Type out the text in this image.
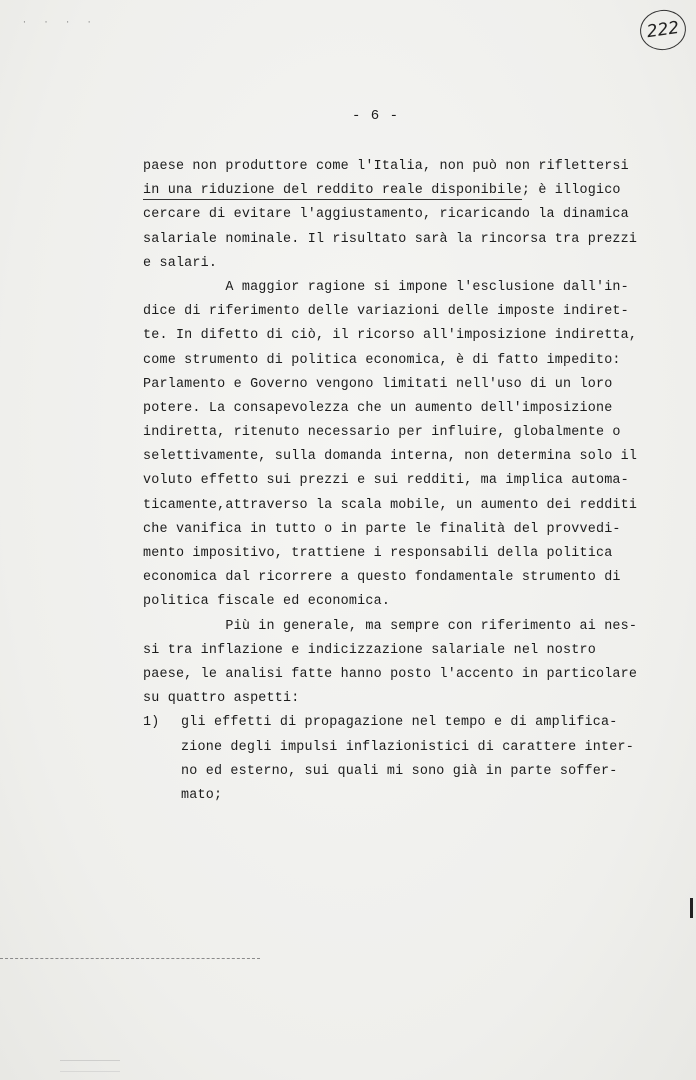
· · · ·	222
- 6 -
paese non produttore come l'Italia, non può non riflettersi
in una riduzione del reddito reale disponibile; è illogico
cercare di evitare l'aggiustamento, ricaricando la dinamica
salariale nominale. Il risultato sarà la rincorsa tra prezzi
e salari.
A maggior ragione si impone l'esclusione dall'in-
dice di riferimento delle variazioni delle imposte indiret-
te. In difetto di ciò, il ricorso all'imposizione indiretta,
come strumento di politica economica, è di fatto impedito:
Parlamento e Governo vengono limitati nell'uso di un loro
potere. La consapevolezza che un aumento dell'imposizione
indiretta, ritenuto necessario per influire, globalmente o
selettivamente, sulla domanda interna, non determina solo il
voluto effetto sui prezzi e sui redditi, ma implica automa-
ticamente,attraverso la scala mobile, un aumento dei redditi
che vanifica in tutto o in parte le finalità del provvedi-
mento impositivo, trattiene i responsabili della politica
economica dal ricorrere a questo fondamentale strumento di
politica fiscale ed economica.
Più in generale, ma sempre con riferimento ai nes-
si tra inflazione e indicizzazione salariale nel nostro
paese, le analisi fatte hanno posto l'accento in particolare
su quattro aspetti:
1) gli effetti di propagazione nel tempo e di amplifica-
zione degli impulsi inflazionistici di carattere inter-
no ed esterno, sui quali mi sono già in parte soffer-
mato;
